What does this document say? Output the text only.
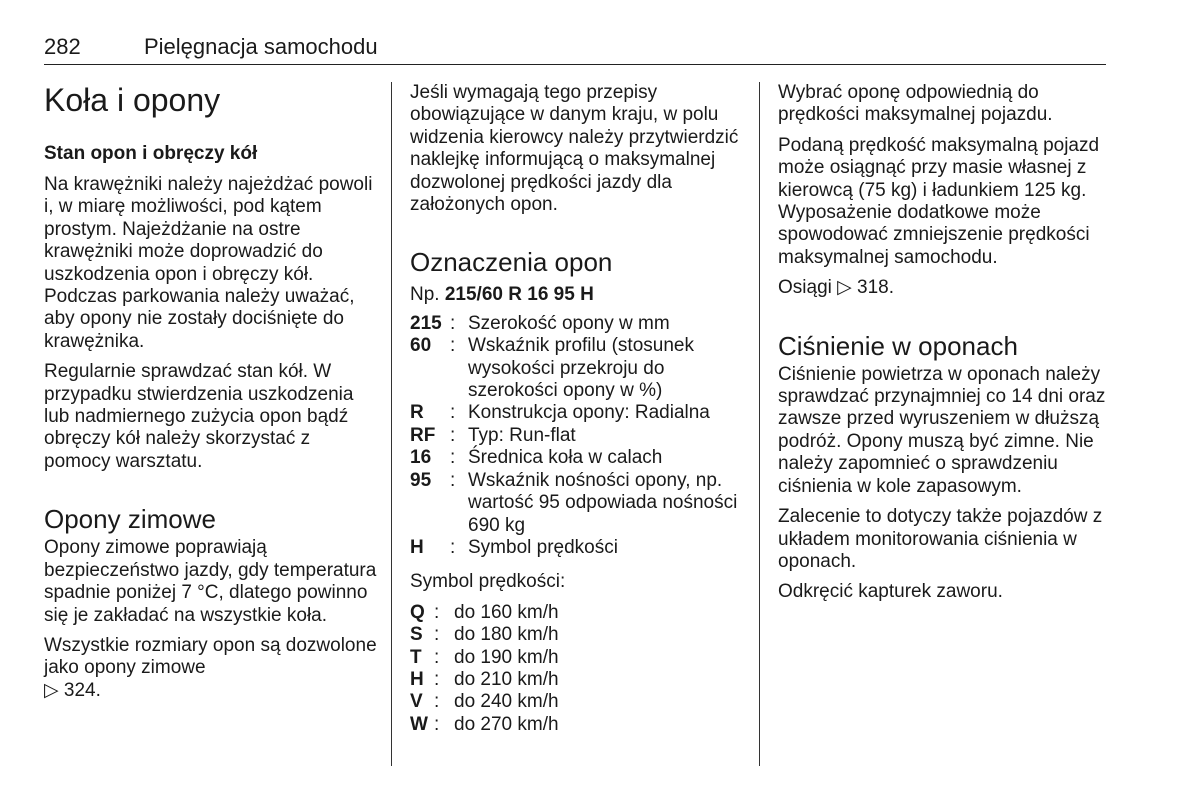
282	Pielęgnacja samochodu
Koła i opony
Stan opon i obręczy kół

Na krawężniki należy najeżdżać powoli i, w miarę możliwości, pod kątem prostym. Najeżdżanie na ostre krawężniki może doprowadzić do uszkodzenia opon i obręczy kół. Podczas parkowania należy uważać, aby opony nie zostały dociśnięte do krawężnika.

Regularnie sprawdzać stan kół. W przypadku stwierdzenia uszkodzenia lub nadmiernego zużycia opon bądź obręczy kół należy skorzystać z pomocy warsztatu.

Opony zimowe

Opony zimowe poprawiają bezpieczeństwo jazdy, gdy temperatura spadnie poniżej 7 °C, dlatego powinno się je zakładać na wszystkie koła.

Wszystkie rozmiary opon są dozwolone jako opony zimowe
▷ 324.

Jeśli wymagają tego przepisy obowiązujące w danym kraju, w polu widzenia kierowcy należy przytwierdzić naklejkę informującą o maksymalnej dozwolonej prędkości jazdy dla założonych opon.

Oznaczenia opon
Np. 215/60 R 16 95 H
215 : Szerokość opony w mm
60 : Wskaźnik profilu (stosunek wysokości przekroju do szerokości opony w %)
R	: Konstrukcja opony: Radialna
RF : Typ: Run-flat
16 : Średnica koła w calach
95 : Wskaźnik nośności opony, np. wartość 95 odpowiada nośności 690 kg
H	: Symbol prędkości

Symbol prędkości:

Q : do 160 km/h
S : do 180 km/h
T : do 190 km/h
H : do 210 km/h
V : do 240 km/h
W : do 270 km/h

Wybrać oponę odpowiednią do prędkości maksymalnej pojazdu.

Podaną prędkość maksymalną pojazd może osiągnąć przy masie własnej z kierowcą (75 kg) i ładunkiem 125 kg. Wyposażenie dodatkowe może spowodować zmniejszenie prędkości maksymalnej samochodu.

Osiągi ▷ 318.

Ciśnienie w oponach

Ciśnienie powietrza w oponach należy sprawdzać przynajmniej co 14 dni oraz zawsze przed wyruszeniem w dłuższą podróż. Opony muszą być zimne. Nie należy zapomnieć o sprawdzeniu ciśnienia w kole zapasowym.

Zalecenie to dotyczy także pojazdów z układem monitorowania ciśnienia w oponach.

Odkręcić kapturek zaworu.
